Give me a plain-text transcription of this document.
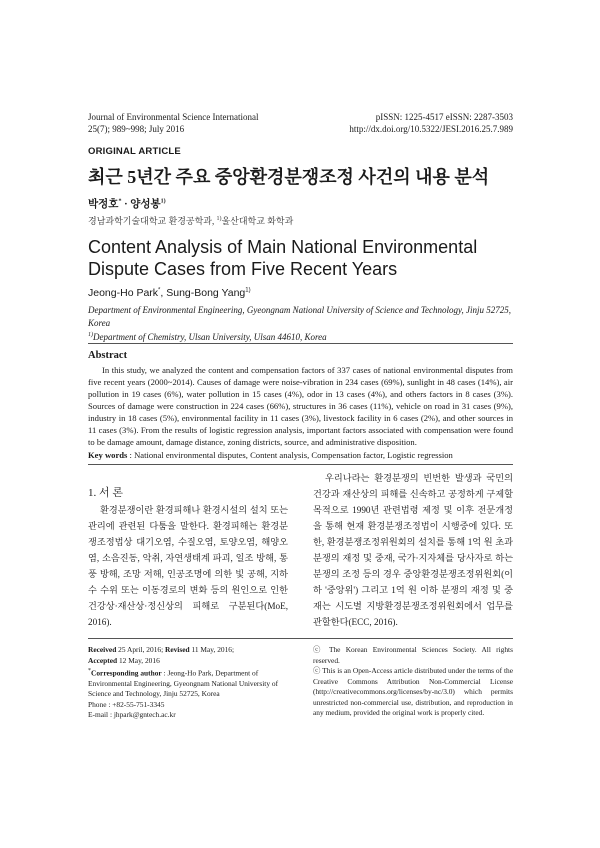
Journal of Environmental Science International
25(7); 989~998; July 2016
pISSN: 1225-4517 eISSN: 2287-3503
http://dx.doi.org/10.5322/JESI.2016.25.7.989
ORIGINAL ARTICLE
최근 5년간 주요 중앙환경분쟁조정 사건의 내용 분석
박정호* · 양성봉$^{1)}$
경남과학기술대학교 환경공학과, $^{1)}$울산대학교 화학과
Content Analysis of Main National Environmental Dispute Cases from Five Recent Years
Jeong-Ho Park*, Sung-Bong Yang$^{1)}$
Department of Environmental Engineering, Gyeongnam National University of Science and Technology, Jinju 52725, Korea
$^{1)}$Department of Chemistry, Ulsan University, Ulsan 44610, Korea
Abstract
In this study, we analyzed the content and compensation factors of 337 cases of national environmental disputes from five recent years (2000~2014). Causes of damage were noise-vibration in 234 cases (69%), sunlight in 48 cases (14%), air pollution in 19 cases (6%), water pollution in 15 cases (4%), odor in 13 cases (4%), and others factors in 8 cases (3%). Sources of damage were construction in 224 cases (66%), structures in 36 cases (11%), vehicle on road in 31 cases (9%), industry in 18 cases (5%), environmental facility in 11 cases (3%), livestock facility in 6 cases (2%), and other sources in 11 cases (3%). From the results of logistic regression analysis, important factors associated with compensation were found to be damage amount, damage distance, zoning districts, source, and administrative disposition.
Key words : National environmental disputes, Content analysis, Compensation factor, Logistic regression
1. 서 론
환경분쟁이란 환경피해나 환경시설의 설치 또는 관리에 관련된 다툼을 말한다. 환경피해는 환경분쟁조정법상 대기오염, 수질오염, 토양오염, 해양오염, 소음진동, 악취, 자연생태계 파괴, 일조 방해, 통풍 방해, 조망 저해, 인공조명에 의한 빛 공해, 지하수 수위 또는 이동경로의 변화 등의 원인으로 인한 건강상·재산상·정신상의 피해로 구분된다(MoE, 2016).
우리나라는 환경분쟁의 빈번한 발생과 국민의 건강과 재산상의 피해를 신속하고 공정하게 구제할 목적으로 1990년 관련법령 제정 및 이후 전문개정을 통해 현재 환경분쟁조정법이 시행중에 있다. 또한, 환경분쟁조정위원회의 설치를 통해 1억 원 초과 분쟁의 재정 및 중재, 국가·지자체를 당사자로 하는 분쟁의 조정 등의 경우 중앙환경분쟁조정위원회(이하 '중앙위') 그리고 1억 원 이하 분쟁의 재정 및 중재는 시도별 지방환경분쟁조정위원회에서 업무를 관할한다(ECC, 2016).
Received 25 April, 2016; Revised 11 May, 2016;
Accepted 12 May, 2016
*Corresponding author : Jeong-Ho Park, Department of Environmental Engineering, Gyeongnam National University of Science and Technology, Jinju 52725, Korea
Phone : +82-55-751-3345
E-mail : jhpark@gntech.ac.kr
ⓒ The Korean Environmental Sciences Society. All rights reserved.
ⓒ This is an Open-Access article distributed under the terms of the Creative Commons Attribution Non-Commercial License (http://creativecommons.org/licenses/by-nc/3.0) which permits unrestricted non-commercial use, distribution, and reproduction in any medium, provided the original work is properly cited.
